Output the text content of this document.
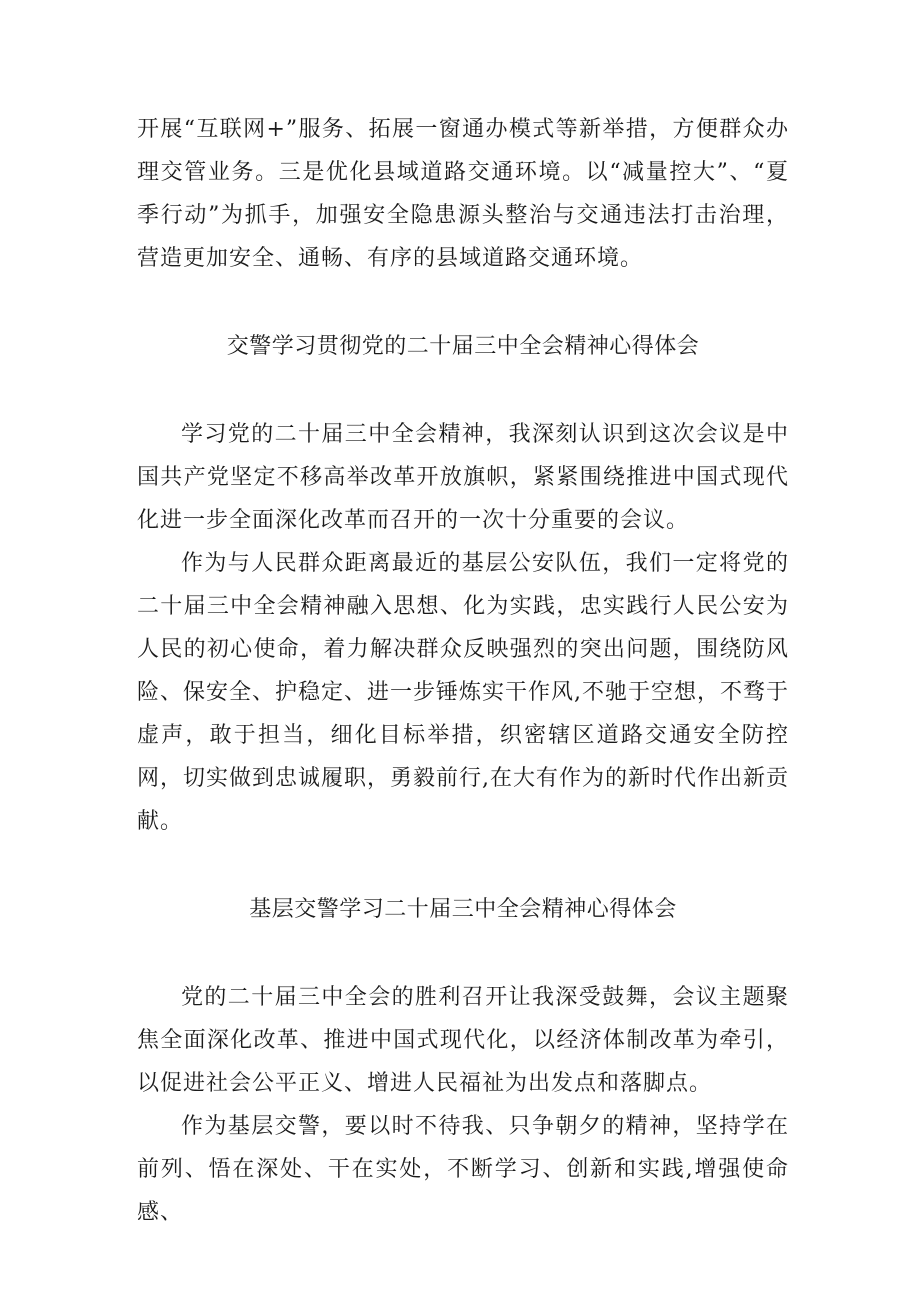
开展“互联网+”服务、拓展一窗通办模式等新举措，方便群众办理交管业务。三是优化县域道路交通环境。以“减量控大”、“夏季行动”为抓手，加强安全隐患源头整治与交通违法打击治理，营造更加安全、通畅、有序的县域道路交通环境。

交警学习贯彻党的二十届三中全会精神心得体会

学习党的二十届三中全会精神，我深刻认识到这次会议是中国共产党坚定不移高举改革开放旗帜，紧紧围绕推进中国式现代化进一步全面深化改革而召开的一次十分重要的会议。

作为与人民群众距离最近的基层公安队伍，我们一定将党的二十届三中全会精神融入思想、化为实践，忠实践行人民公安为人民的初心使命，着力解决群众反映强烈的突出问题，围绕防风险、保安全、护稳定、进一步锤炼实干作风,不驰于空想，不骛于虚声，敢于担当，细化目标举措，织密辖区道路交通安全防控网，切实做到忠诚履职，勇毅前行,在大有作为的新时代作出新贡献。

基层交警学习二十届三中全会精神心得体会

党的二十届三中全会的胜利召开让我深受鼓舞，会议主题聚焦全面深化改革、推进中国式现代化，以经济体制改革为牵引，以促进社会公平正义、增进人民福祉为出发点和落脚点。

作为基层交警，要以时不待我、只争朝夕的精神，坚持学在前列、悟在深处、干在实处，不断学习、创新和实践,增强使命感、
